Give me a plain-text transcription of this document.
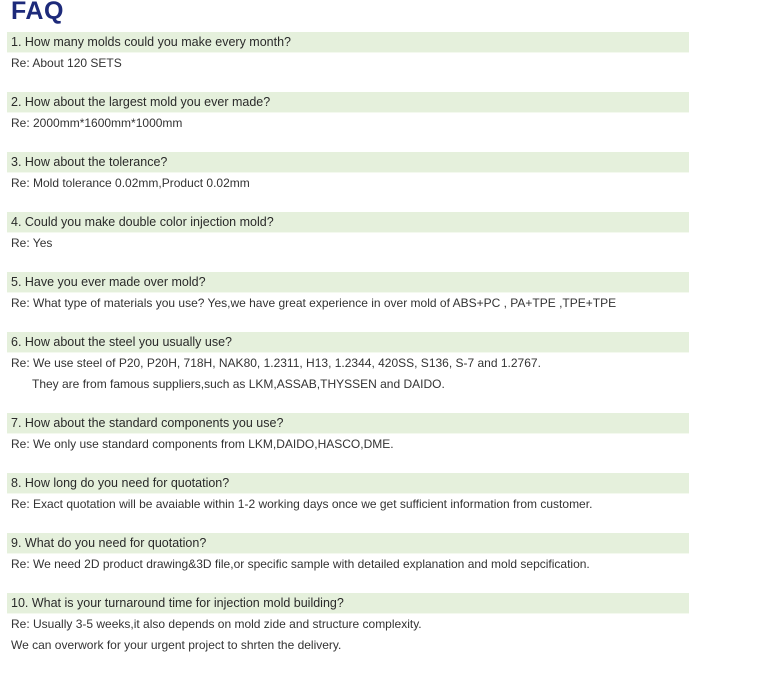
FAQ
1. How many molds could you make every month?
Re: About 120 SETS
2. How about the largest mold you ever made?
Re: 2000mm*1600mm*1000mm
3. How about the tolerance?
Re: Mold tolerance 0.02mm,Product 0.02mm
4. Could you make double color injection mold?
Re: Yes
5. Have you ever made over mold?
Re: What type of materials you use? Yes,we have great experience in over mold of ABS+PC , PA+TPE ,TPE+TPE
6. How about the steel you usually use?
Re: We use steel of P20, P20H, 718H, NAK80, 1.2311, H13, 1.2344, 420SS, S136, S-7 and 1.2767.
They are from famous suppliers,such as LKM,ASSAB,THYSSEN and DAIDO.
7. How about the standard components you use?
Re: We only use standard components from LKM,DAIDO,HASCO,DME.
8. How long do you need for quotation?
Re: Exact quotation will be avaiable within 1-2 working days once we get sufficient information from customer.
9. What do you need for quotation?
Re: We need 2D product drawing&3D file,or specific sample with detailed explanation and mold sepcification.
10. What is your turnaround time for injection mold building?
Re: Usually 3-5 weeks,it also depends on mold zide and structure complexity.
We can overwork for your urgent project to shrten the delivery.
